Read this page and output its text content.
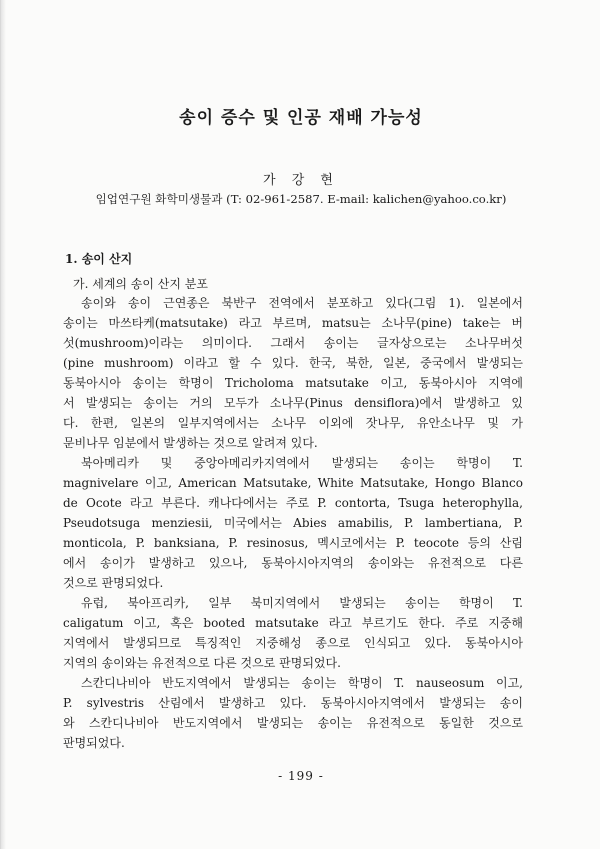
송이 증수 및 인공 재배 가능성
가 강 현
임업연구원 화학미생물과 (T: 02-961-2587. E-mail: kalichen@yahoo.co.kr)
1. 송이 산지
가. 세계의 송이 산지 분포
송이와 송이 근연종은 북반구 전역에서 분포하고 있다(그림 1). 일본에서
송이는 마쓰타케(matsutake) 라고 부르며, matsu는 소나무(pine) take는 버
섯(mushroom)이라는 의미이다. 그래서 송이는 글자상으로는 소나무버섯
(pine mushroom) 이라고 할 수 있다. 한국, 북한, 일본, 중국에서 발생되는
동북아시아 송이는 학명이 Tricholoma matsutake 이고, 동북아시아 지역에
서 발생되는 송이는 거의 모두가 소나무(Pinus densiflora)에서 발생하고 있
다. 한편, 일본의 일부지역에서는 소나무 이외에 잣나무, 유안소나무 및 가
문비나무 임분에서 발생하는 것으로 알려져 있다.
북아메리카 및 중앙아메리카지역에서 발생되는 송이는 학명이 T.
magnivelare 이고, American Matsutake, White Matsutake, Hongo Blanco
de Ocote 라고 부른다. 캐나다에서는 주로 P. contorta, Tsuga heterophylla,
Pseudotsuga menziesii, 미국에서는 Abies amabilis, P. lambertiana, P.
monticola, P. banksiana, P. resinosus, 멕시코에서는 P. teocote 등의 산림
에서 송이가 발생하고 있으나, 동북아시아지역의 송이와는 유전적으로 다른
것으로 판명되었다.
유럽, 북아프리카, 일부 북미지역에서 발생되는 송이는 학명이 T.
caligatum 이고, 혹은 booted matsutake 라고 부르기도 한다. 주로 지중해
지역에서 발생되므로 특징적인 지중해성 종으로 인식되고 있다. 동북아시아
지역의 송이와는 유전적으로 다른 것으로 판명되었다.
스칸디나비아 반도지역에서 발생되는 송이는 학명이 T. nauseosum 이고,
P. sylvestris 산림에서 발생하고 있다. 동북아시아지역에서 발생되는 송이
와 스칸디나비아 반도지역에서 발생되는 송이는 유전적으로 동일한 것으로
판명되었다.
- 199 -
